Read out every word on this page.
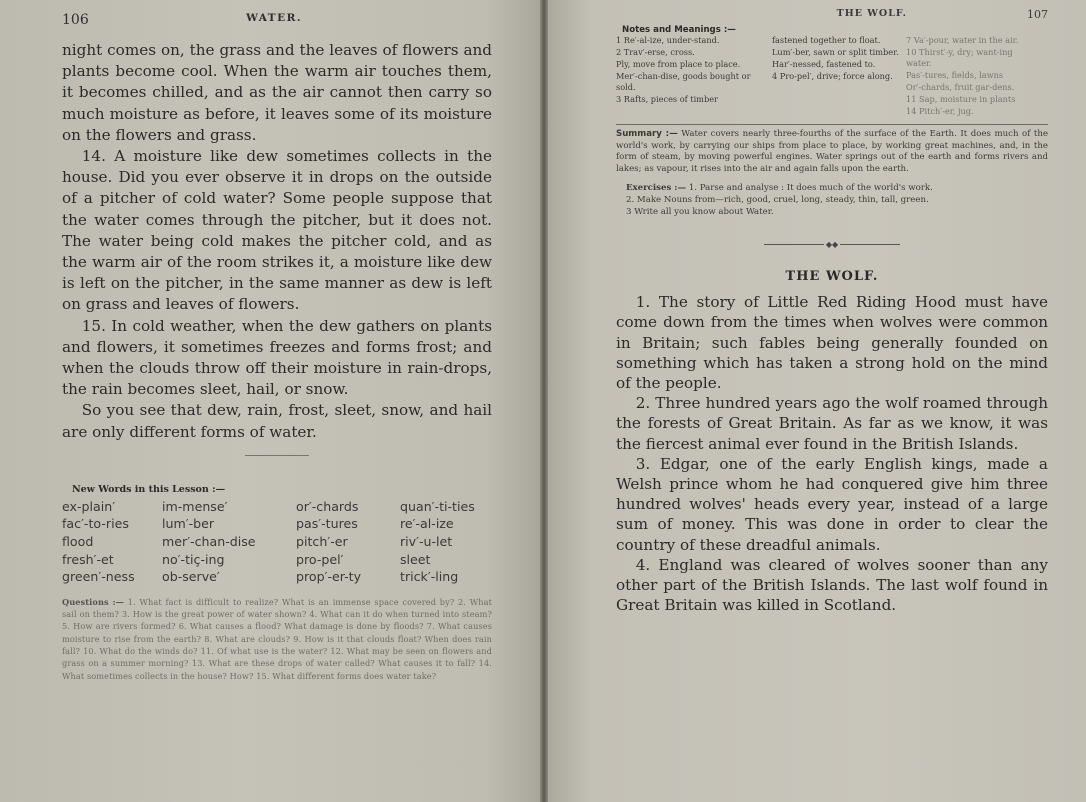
106	WATER.

night comes on, the grass and the leaves of flowers and plants become cool. When the warm air touches them, it becomes chilled, and as the air cannot then carry so much moisture as before, it leaves some of its moisture on the flowers and grass.

14. A moisture like dew sometimes collects in the house. Did you ever observe it in drops on the outside of a pitcher of cold water? Some people suppose that the water comes through the pitcher, but it does not. The water being cold makes the pitcher cold, and as the warm air of the room strikes it, a moisture like dew is left on the pitcher, in the same manner as dew is left on grass and leaves of flowers.

15. In cold weather, when the dew gathers on plants and flowers, it sometimes freezes and forms frost; and when the clouds throw off their moisture in rain-drops, the rain becomes sleet, hail, or snow.

So you see that dew, rain, frost, sleet, snow, and hail are only different forms of water.

New Words in this Lesson :—
ex-plain′	im-mense′	or′-chards	quan′-ti-ties
fac′-to-ries	lum′-ber	pas′-tures	re′-al-ize
flood	mer′-chan-dise	pitch′-er	riv′-u-let
fresh′-et	no′-tiç-ing	pro-pel′	sleet
green′-ness	ob-serve′	prop′-er-ty	trick′-ling
Questions :— 1. What fact is difficult to realize? What is an immense space covered by? 2. What sail on them? 3. How is the great power of water shown? 4. What can it do when turned into steam? 5. How are rivers formed? 6. What causes a flood? What damage is done by floods? 7. What causes moisture to rise from the earth? 8. What are clouds? 9. How is it that clouds float? When does rain fall? 10. What do the winds do? 11. Of what use is the water? 12. What may be seen on flowers and grass on a summer morning? 13. What are these drops of water called? What causes it to fall? 14. What sometimes collects in the house? How? 15. What different forms does water take?
THE WOLF.	107
Notes and Meanings :—
1 Re′-al-ize, under-stand.
2 Trav′-erse, cross.
Ply, move from place to place.
Mer′-chan-dise, goods bought or sold.
3 Rafts, pieces of timber
fastened together to float.
Lum′-ber, sawn or split timber.
Har′-nessed, fastened to.
4 Pro-pel′, drive; force along.
7 Va′-pour, water in the air.
10 Thirst′-y, dry; want-ing water.
Pas′-tures, fields, lawns
Or′-chards, fruit gar-dens.
11 Sap, moisture in plants
14 Pitch′-er, jug.
Summary :— Water covers nearly three-fourths of the surface of the Earth. It does much of the world's work, by carrying our ships from place to place, by working great machines, and, in the form of steam, by moving powerful engines. Water springs out of the earth and forms rivers and lakes; as vapour, it rises into the air and again falls upon the earth.
Exercises :— 1. Parse and analyse : It does much of the world's work.
2. Make Nouns from—rich, good, cruel, long, steady, thin, tall, green.
3 Write all you know about Water.
◆◆
THE WOLF.

1. The story of Little Red Riding Hood must have come down from the times when wolves were common in Britain; such fables being generally founded on something which has taken a strong hold on the mind of the people.

2. Three hundred years ago the wolf roamed through the forests of Great Britain. As far as we know, it was the fiercest animal ever found in the British Islands.

3. Edgar, one of the early English kings, made a Welsh prince whom he had conquered give him three hundred wolves' heads every year, instead of a large sum of money. This was done in order to clear the country of these dreadful animals.

4. England was cleared of wolves sooner than any other part of the British Islands. The last wolf found in Great Britain was killed in Scotland.
